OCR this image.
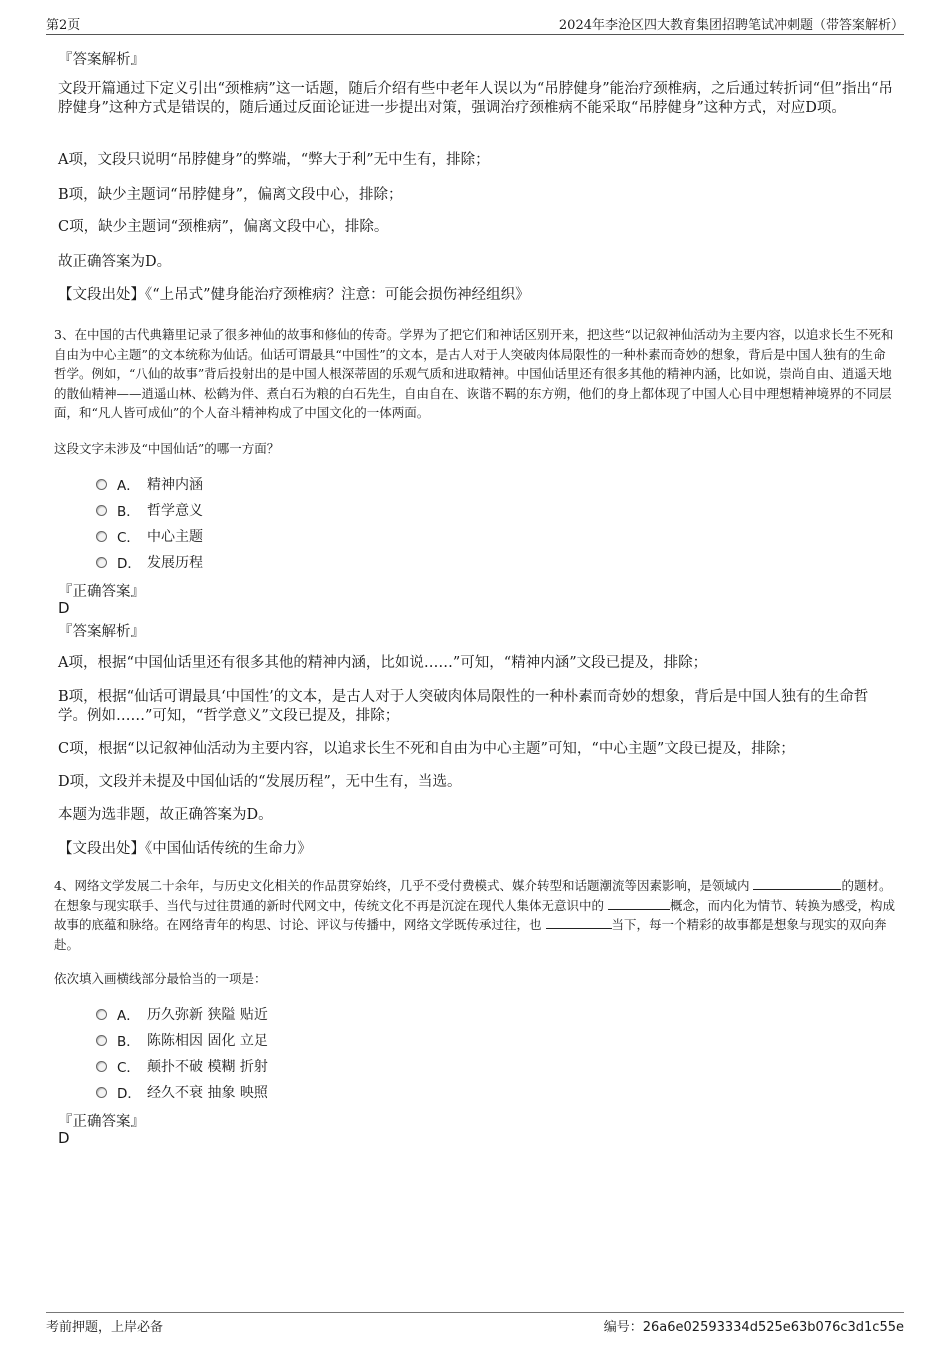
第2页	2024年李沧区四大教育集团招聘笔试冲刺题（带答案解析）
『答案解析』
文段开篇通过下定义引出“颈椎病”这一话题，随后介绍有些中老年人误以为“吊脖健身”能治疗颈椎病，之后通过转折词“但”指出“吊脖健身”这种方式是错误的，随后通过反面论证进一步提出对策，强调治疗颈椎病不能采取“吊脖健身”这种方式，对应D项。
A项，文段只说明“吊脖健身”的弊端，“弊大于利”无中生有，排除；
B项，缺少主题词“吊脖健身”，偏离文段中心，排除；
C项，缺少主题词“颈椎病”，偏离文段中心，排除。
故正确答案为D。
【文段出处】《“上吊式”健身能治疗颈椎病？注意：可能会损伤神经组织》
3、在中国的古代典籍里记录了很多神仙的故事和修仙的传奇。学界为了把它们和神话区别开来，把这些“以记叙神仙活动为主要内容，以追求长生不死和自由为中心主题”的文本统称为仙话。仙话可谓最具“中国性”的文本，是古人对于人突破肉体局限性的一种朴素而奇妙的想象，背后是中国人独有的生命哲学。例如，“八仙的故事”背后投射出的是中国人根深蒂固的乐观气质和进取精神。中国仙话里还有很多其他的精神内涵，比如说，崇尚自由、逍遥天地的散仙精神——逍遥山林、松鹤为伴、煮白石为粮的白石先生，自由自在、诙谐不羁的东方朔，他们的身上都体现了中国人心目中理想精神境界的不同层面，和“凡人皆可成仙”的个人奋斗精神构成了中国文化的一体两面。
这段文字未涉及“中国仙话”的哪一方面？
A． 精神内涵
B． 哲学意义
C． 中心主题
D． 发展历程
『正确答案』
D
『答案解析』
A项，根据“中国仙话里还有很多其他的精神内涵，比如说……”可知，“精神内涵”文段已提及，排除；
B项，根据“仙话可谓最具‘中国性’的文本，是古人对于人突破肉体局限性的一种朴素而奇妙的想象，背后是中国人独有的生命哲学。例如……”可知，“哲学意义”文段已提及，排除；
C项，根据“以记叙神仙活动为主要内容，以追求长生不死和自由为中心主题”可知，“中心主题”文段已提及，排除；
D项，文段并未提及中国仙话的“发展历程”，无中生有，当选。
本题为选非题，故正确答案为D。
【文段出处】《中国仙话传统的生命力》
4、网络文学发展二十余年，与历史文化相关的作品贯穿始终，几乎不受付费模式、媒介转型和话题潮流等因素影响，是领域内	的题材。在想象与现实联手、当代与过往贯通的新时代网文中，传统文化不再是沉淀在现代人集体无意识中的	概念，而内化为情节、转换为感受，构成故事的底蕴和脉络。在网络青年的构思、讨论、评议与传播中，网络文学既传承过往，也	当下，每一个精彩的故事都是想象与现实的双向奔赴。
依次填入画横线部分最恰当的一项是：
A． 历久弥新 狭隘 贴近
B． 陈陈相因 固化 立足
C． 颠扑不破 模糊 折射
D． 经久不衰 抽象 映照
『正确答案』
D
考前押题，上岸必备	编号：26a6e02593334d525e63b076c3d1c55e
